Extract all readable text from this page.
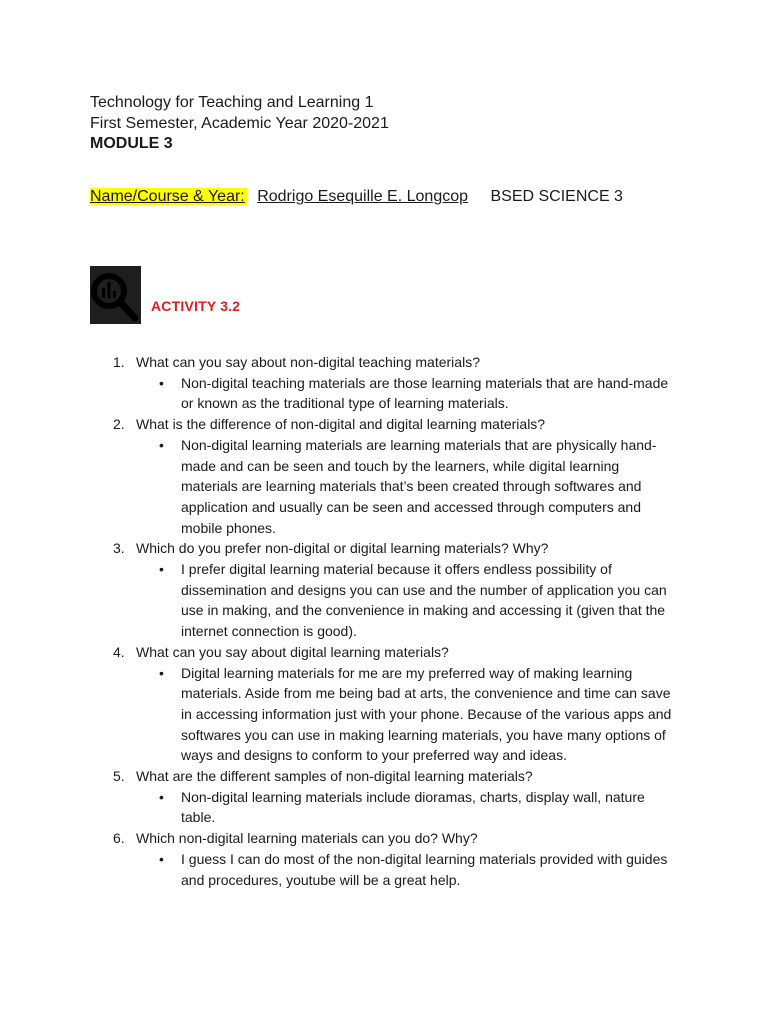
Technology for Teaching and Learning 1
First Semester, Academic Year 2020-2021
MODULE 3
Name/Course & Year: Rodrigo Esequille E. Longcop BSED SCIENCE 3
ACTIVITY 3.2
1. What can you say about non-digital teaching materials?
• Non-digital teaching materials are those learning materials that are hand-made or known as the traditional type of learning materials.
2. What is the difference of non-digital and digital learning materials?
• Non-digital learning materials are learning materials that are physically hand-made and can be seen and touch by the learners, while digital learning materials are learning materials that’s been created through softwares and application and usually can be seen and accessed through computers and mobile phones.
3. Which do you prefer non-digital or digital learning materials? Why?
• I prefer digital learning material because it offers endless possibility of dissemination and designs you can use and the number of application you can use in making, and the convenience in making and accessing it (given that the internet connection is good).
4. What can you say about digital learning materials?
• Digital learning materials for me are my preferred way of making learning materials. Aside from me being bad at arts, the convenience and time can save in accessing information just with your phone. Because of the various apps and softwares you can use in making learning materials, you have many options of ways and designs to conform to your preferred way and ideas.
5. What are the different samples of non-digital learning materials?
• Non-digital learning materials include dioramas, charts, display wall, nature table.
6. Which non-digital learning materials can you do? Why?
• I guess I can do most of the non-digital learning materials provided with guides and procedures, youtube will be a great help.
